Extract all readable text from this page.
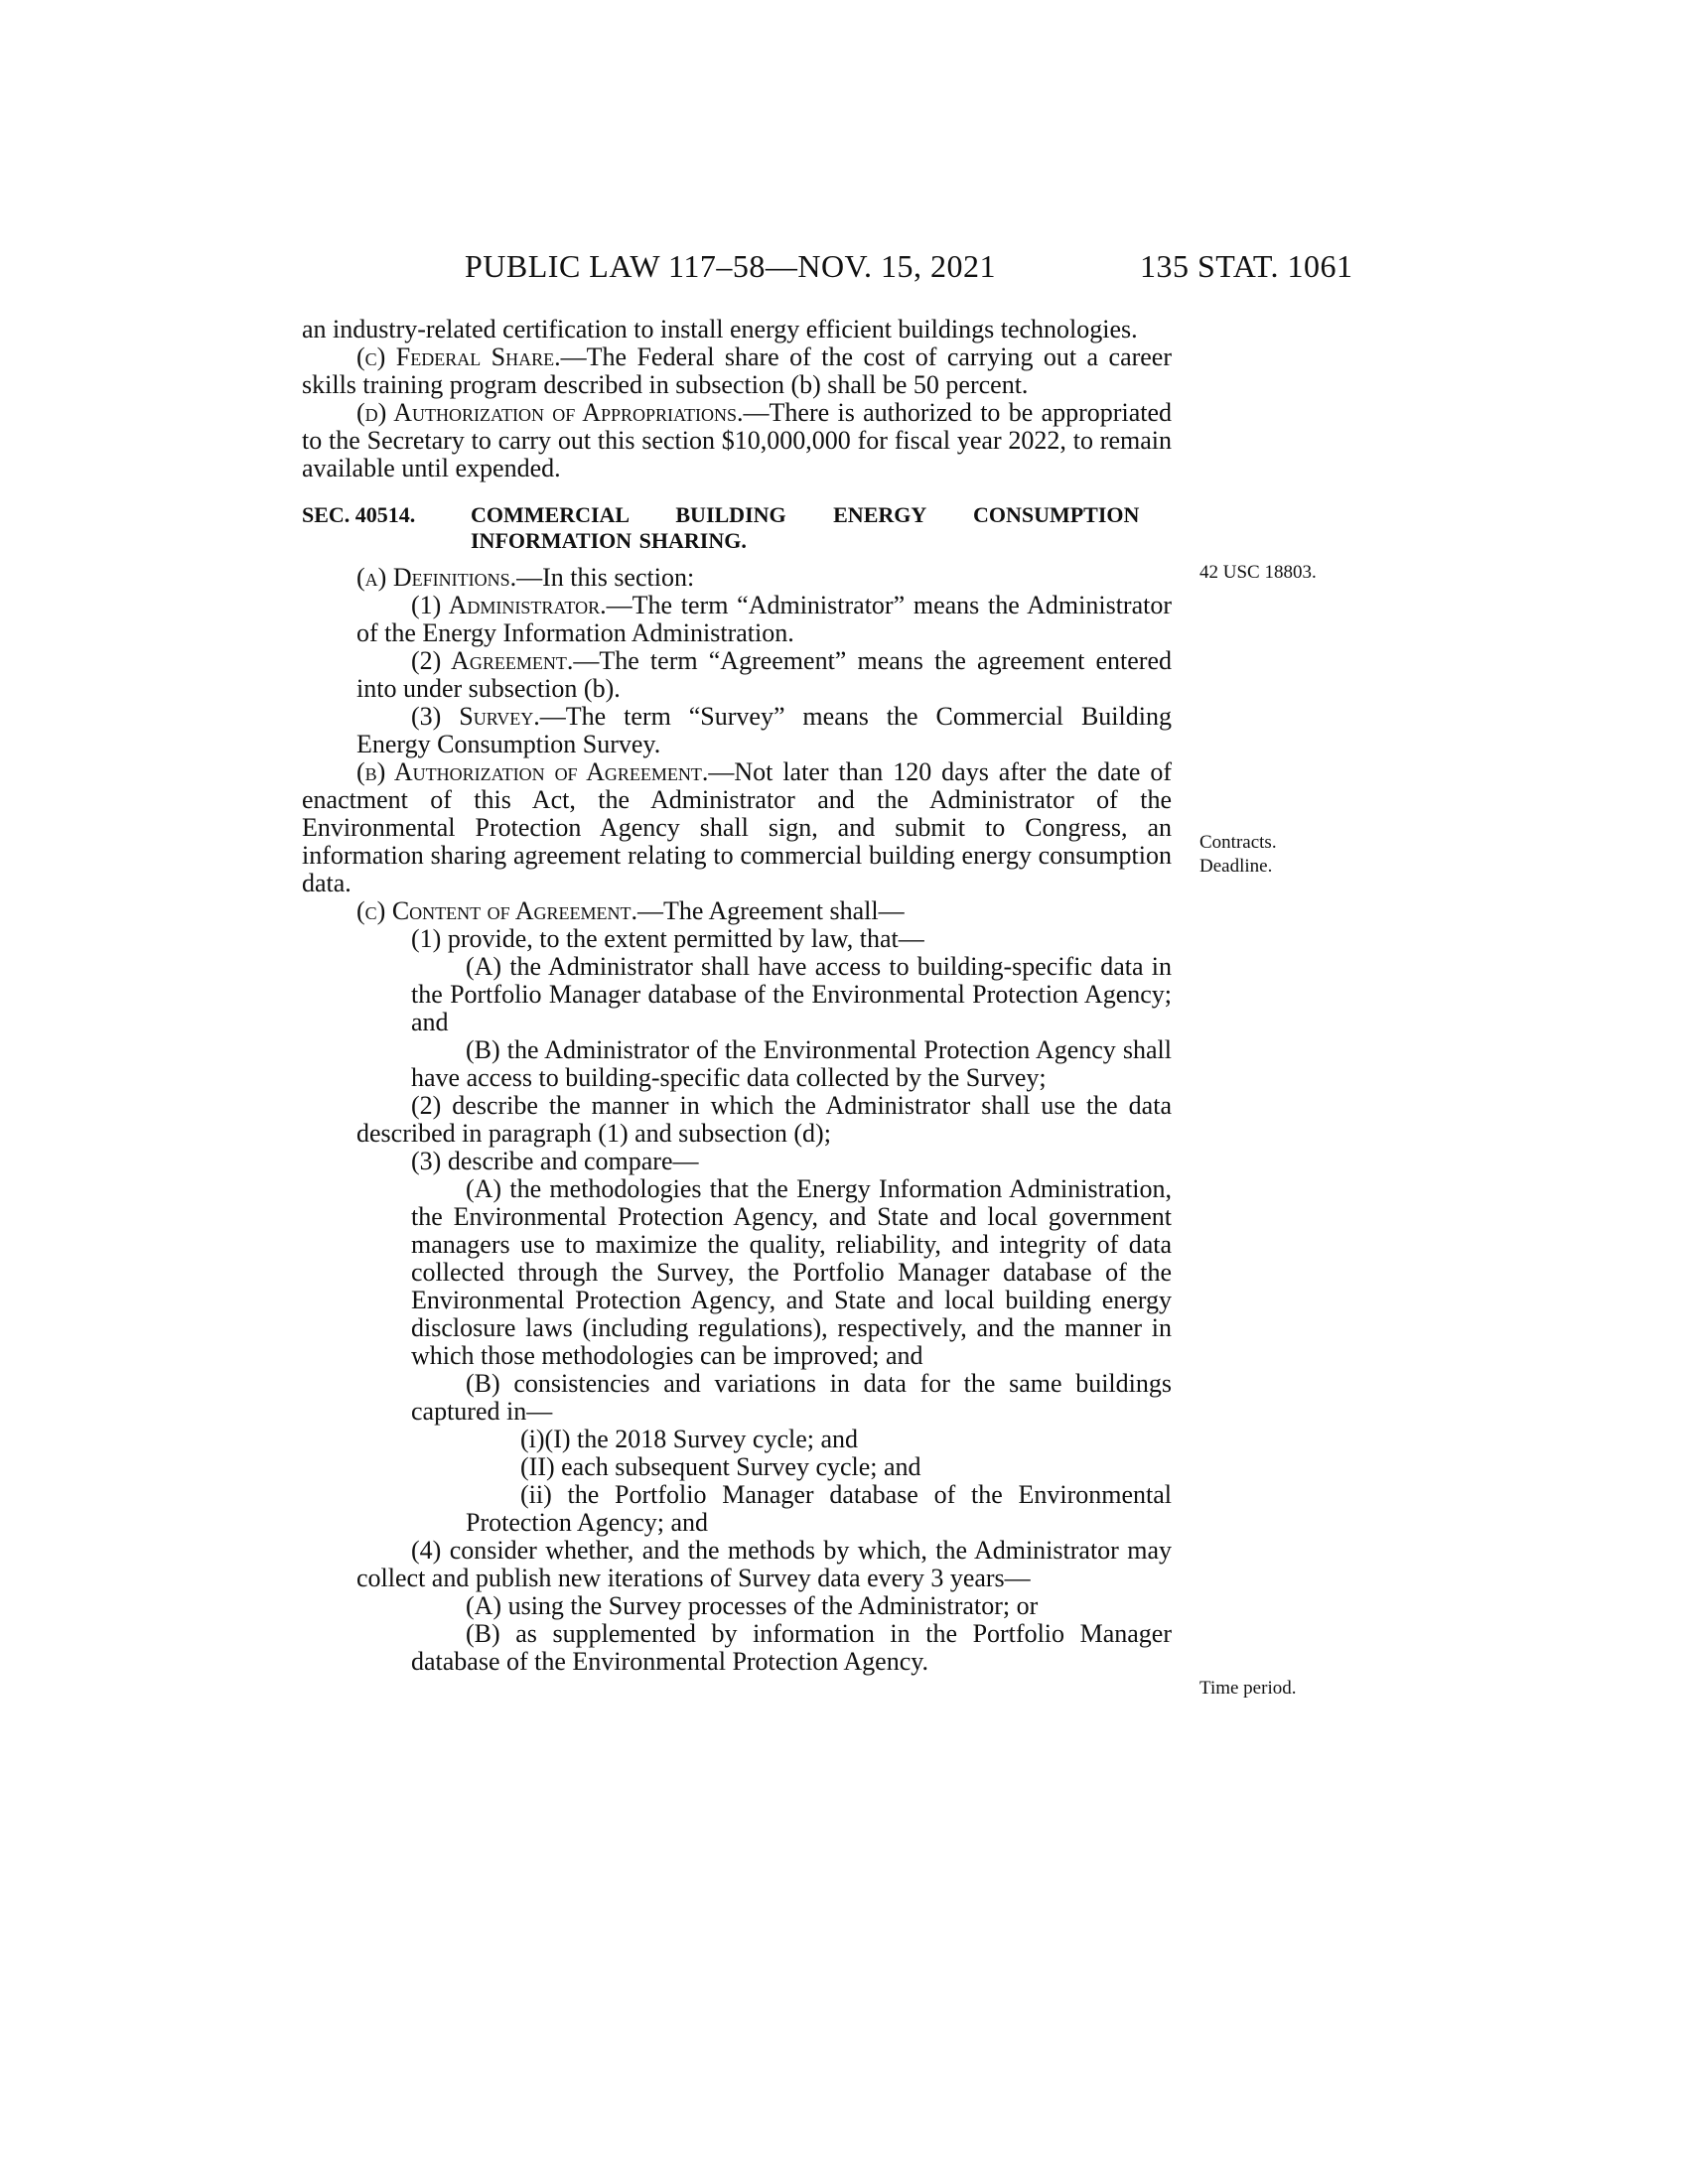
PUBLIC LAW 117–58—NOV. 15, 2021	135 STAT. 1061

an industry-related certification to install energy efficient buildings technologies.

(c) Federal Share.—The Federal share of the cost of carrying out a career skills training program described in subsection (b) shall be 50 percent.

(d) Authorization of Appropriations.—There is authorized to be appropriated to the Secretary to carry out this section $10,000,000 for fiscal year 2022, to remain available until expended.

SEC. 40514.	COMMERCIAL BUILDING ENERGY CONSUMPTION
INFORMATION SHARING.

(a) Definitions.—In this section:

(1) Administrator.—The term “Administrator” means the Administrator of the Energy Information Administration.

(2) Agreement.—The term “Agreement” means the agreement entered into under subsection (b).

(3) Survey.—The term “Survey” means the Commercial Building Energy Consumption Survey.

(b) Authorization of Agreement.—Not later than 120 days after the date of enactment of this Act, the Administrator and the Administrator of the Environmental Protection Agency shall sign, and submit to Congress, an information sharing agreement relating to commercial building energy consumption data.

(c) Content of Agreement.—The Agreement shall—

(1) provide, to the extent permitted by law, that—

(A) the Administrator shall have access to building-specific data in the Portfolio Manager database of the Environmental Protection Agency; and

(B) the Administrator of the Environmental Protection Agency shall have access to building-specific data collected by the Survey;

(2) describe the manner in which the Administrator shall use the data described in paragraph (1) and subsection (d);

(3) describe and compare—

(A) the methodologies that the Energy Information Administration, the Environmental Protection Agency, and State and local government managers use to maximize the quality, reliability, and integrity of data collected through the Survey, the Portfolio Manager database of the Environmental Protection Agency, and State and local building energy disclosure laws (including regulations), respectively, and the manner in which those methodologies can be improved; and

(B) consistencies and variations in data for the same buildings captured in—

(i)(I) the 2018 Survey cycle; and

(II) each subsequent Survey cycle; and

(ii) the Portfolio Manager database of the Environmental Protection Agency; and

(4) consider whether, and the methods by which, the Administrator may collect and publish new iterations of Survey data every 3 years—

(A) using the Survey processes of the Administrator; or

(B) as supplemented by information in the Portfolio Manager database of the Environmental Protection Agency.

42 USC 18803.
Contracts.
Deadline.
Time period.
